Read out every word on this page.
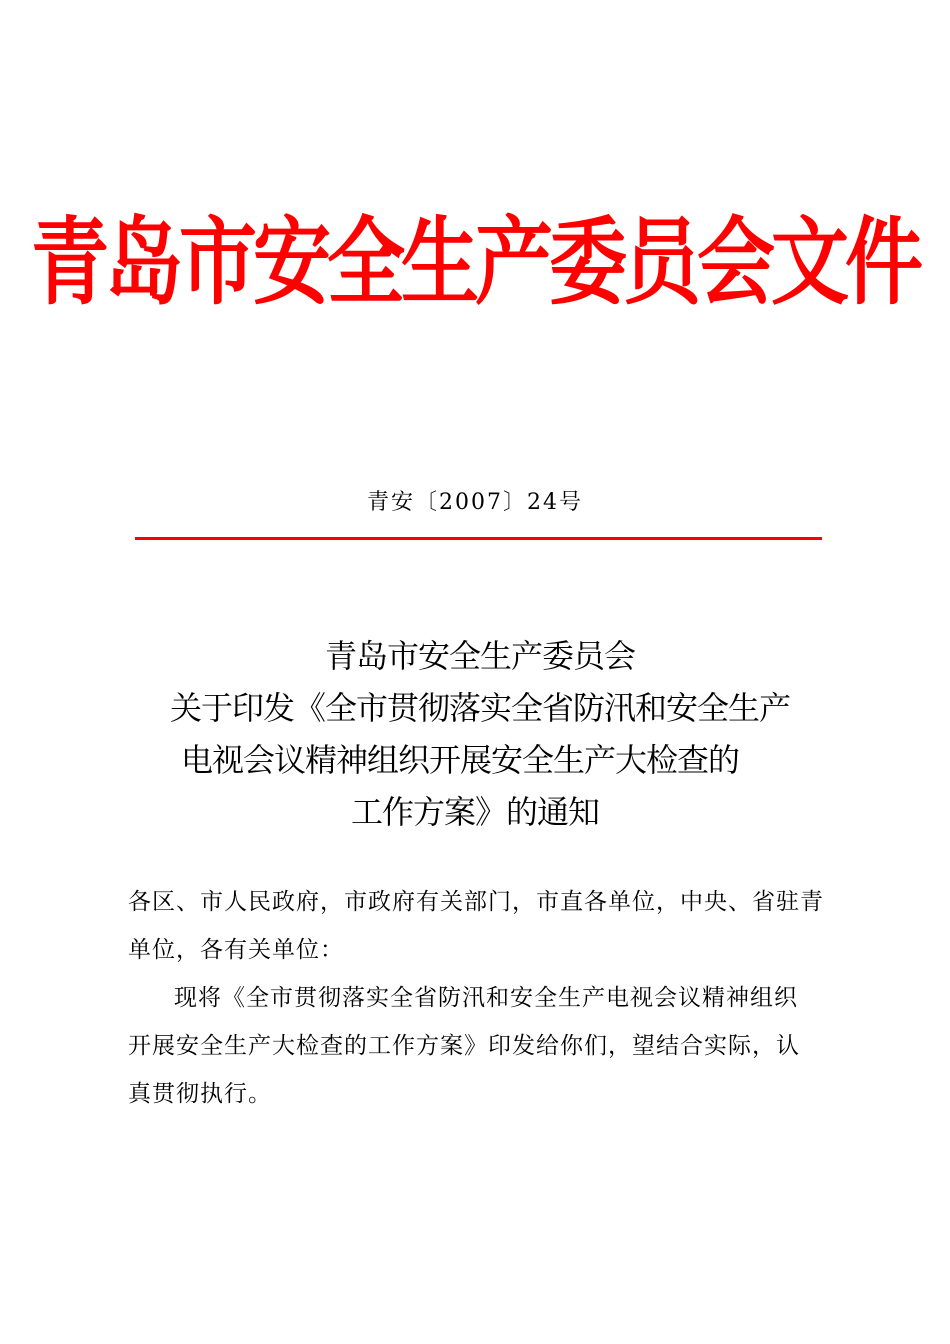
青岛市安全生产委员会文件
青安〔2007〕24号
青岛市安全生产委员会
关于印发《全市贯彻落实全省防汛和安全生产
电视会议精神组织开展安全生产大检查的
工作方案》的通知
各区、市人民政府，市政府有关部门，市直各单位，中央、省驻青
单位，各有关单位：
现将《全市贯彻落实全省防汛和安全生产电视会议精神组织
开展安全生产大检查的工作方案》印发给你们，望结合实际，认
真贯彻执行。
